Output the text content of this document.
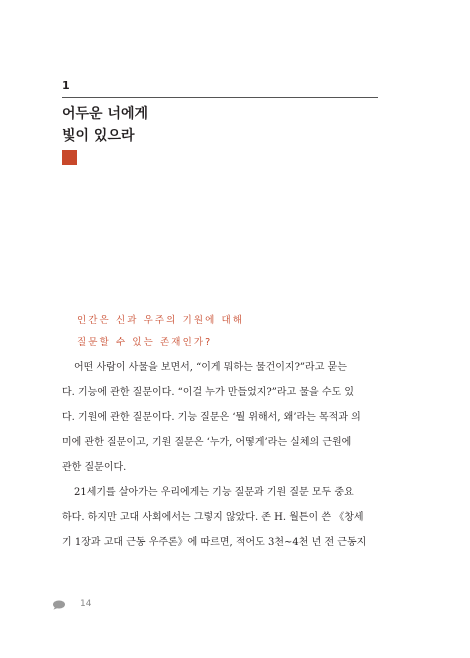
1
어두운 너에게
빛이 있으라
인간은 신과 우주의 기원에 대해
질문할 수 있는 존재인가?
어떤 사람이 사물을 보면서, “이게 뭐하는 물건이지?”라고 묻는
다. 기능에 관한 질문이다. “이걸 누가 만들었지?”라고 물을 수도 있
다. 기원에 관한 질문이다. 기능 질문은 ‘뭘 위해서, 왜’라는 목적과 의
미에 관한 질문이고, 기원 질문은 ‘누가, 어떻게’라는 실체의 근원에
관한 질문이다.
21세기를 살아가는 우리에게는 기능 질문과 기원 질문 모두 중요
하다. 하지만 고대 사회에서는 그렇지 않았다. 존 H. 월튼이 쓴 《창세
기 1장과 고대 근동 우주론》에 따르면, 적어도 3천~4천 년 전 근동지
14
